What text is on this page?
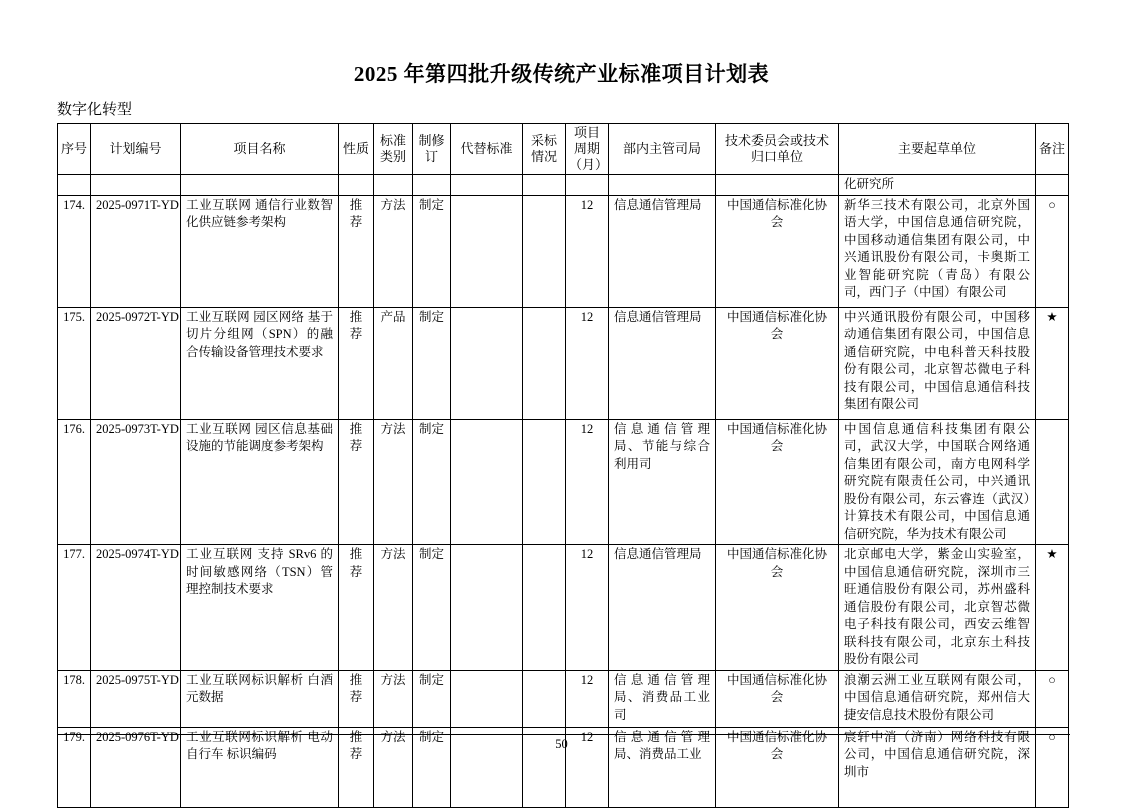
2025 年第四批升级传统产业标准项目计划表
数字化转型
序号	计划编号	项目名称	性质	标准类别	制修订	代替标准	采标情况	项目周期（月）	部内主管司局	技术委员会或技术归口单位	主要起草单位	备注
											化研究所	
174.	2025-0971T-YD	工业互联网 通信行业数智化供应链参考架构	推荐	方法	制定			12	信息通信管理局	中国通信标准化协会	新华三技术有限公司，北京外国语大学，中国信息通信研究院，中国移动通信集团有限公司，中兴通讯股份有限公司，卡奥斯工业智能研究院（青岛）有限公司，西门子（中国）有限公司	○
175.	2025-0972T-YD	工业互联网 园区网络 基于切片分组网（SPN）的融合传输设备管理技术要求	推荐	产品	制定			12	信息通信管理局	中国通信标准化协会	中兴通讯股份有限公司，中国移动通信集团有限公司，中国信息通信研究院，中电科普天科技股份有限公司，北京智芯微电子科技有限公司，中国信息通信科技集团有限公司	★
176.	2025-0973T-YD	工业互联网 园区信息基础设施的节能调度参考架构	推荐	方法	制定			12	信息通信管理局、节能与综合利用司	中国通信标准化协会	中国信息通信科技集团有限公司，武汉大学，中国联合网络通信集团有限公司，南方电网科学研究院有限责任公司，中兴通讯股份有限公司，东云睿连（武汉）计算技术有限公司，中国信息通信研究院，华为技术有限公司	
177.	2025-0974T-YD	工业互联网 支持 SRv6 的时间敏感网络（TSN）管理控制技术要求	推荐	方法	制定			12	信息通信管理局	中国通信标准化协会	北京邮电大学，紫金山实验室，中国信息通信研究院，深圳市三旺通信股份有限公司，苏州盛科通信股份有限公司，北京智芯微电子科技有限公司，西安云维智联科技有限公司，北京东土科技股份有限公司	★
178.	2025-0975T-YD	工业互联网标识解析 白酒元数据	推荐	方法	制定			12	信息通信管理局、消费品工业司	中国通信标准化协会	浪潮云洲工业互联网有限公司，中国信息通信研究院，郑州信大捷安信息技术股份有限公司	○
179.	2025-0976T-YD	工业互联网标识解析 电动自行车 标识编码	推荐	方法	制定			12	信息通信管理局、消费品工业	中国通信标准化协会	宸轩中消（济南）网络科技有限公司，中国信息通信研究院，深圳市	○
50
